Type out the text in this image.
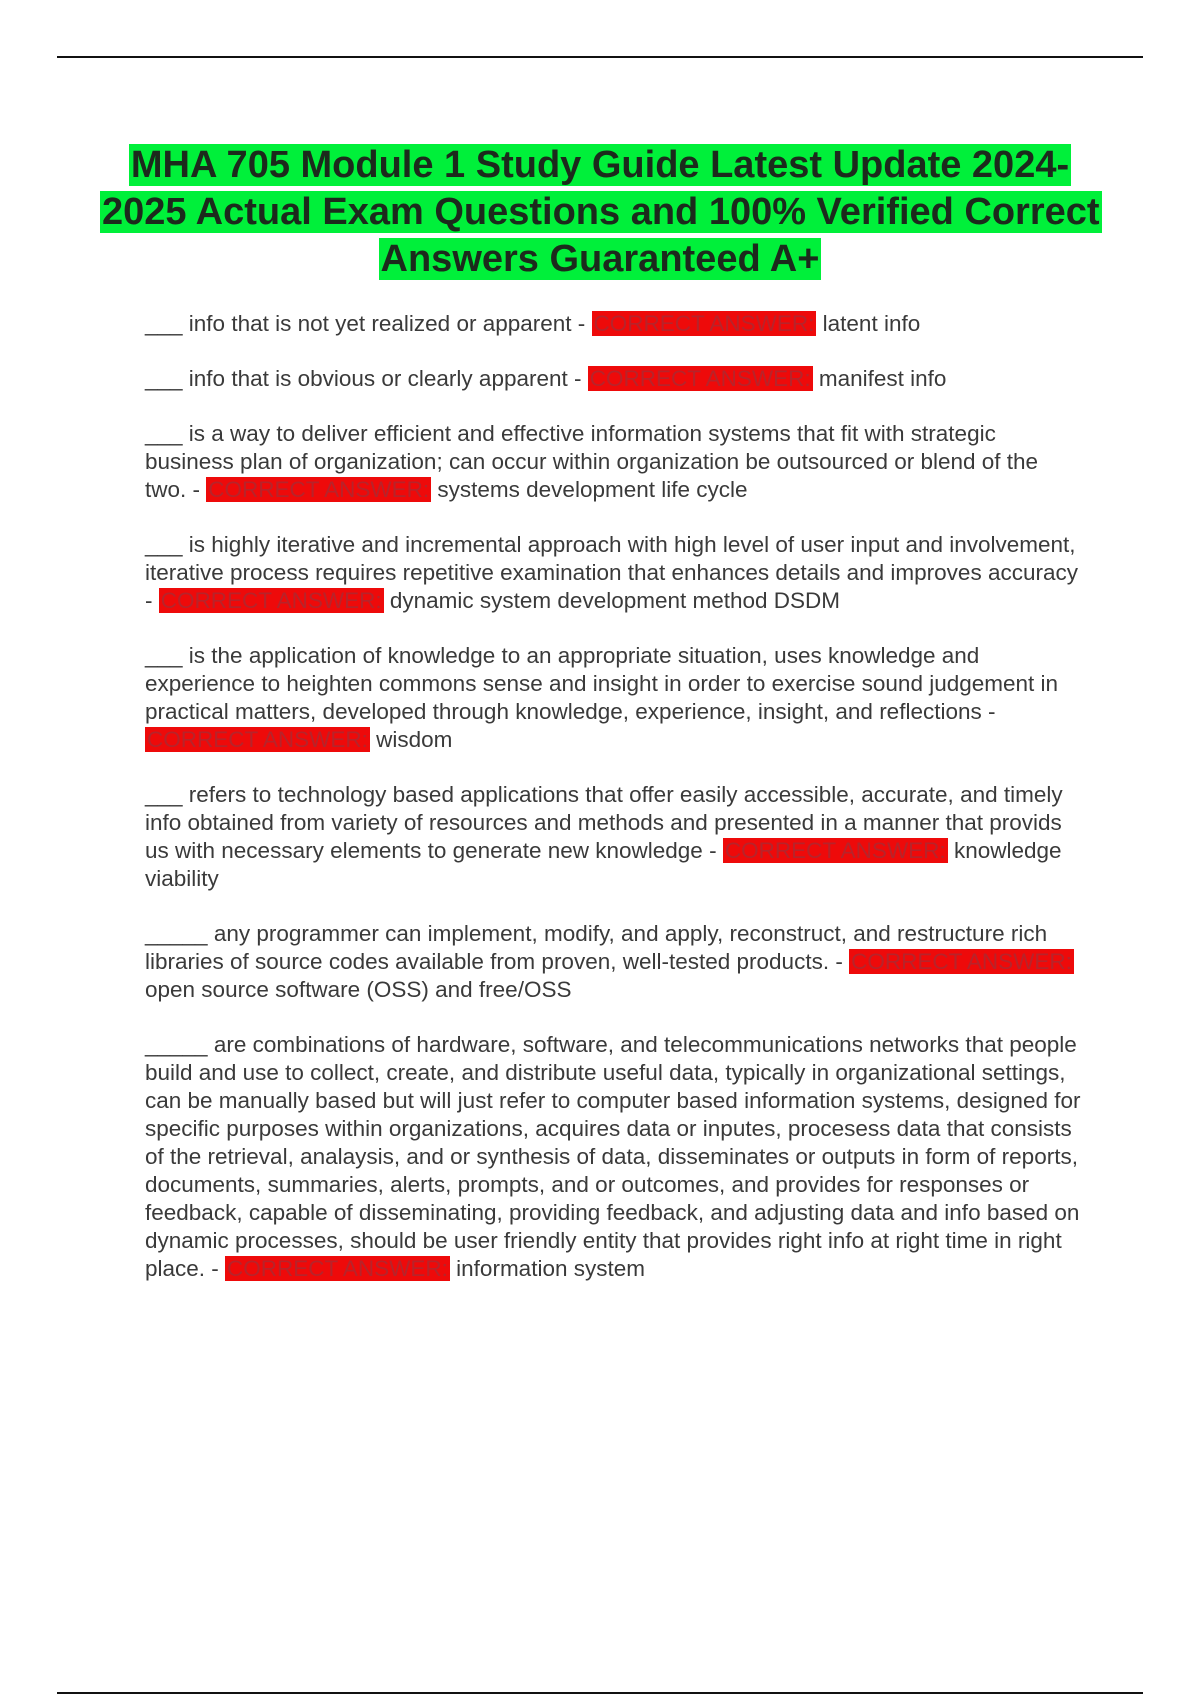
MHA 705 Module 1 Study Guide Latest Update 2024-2025 Actual Exam Questions and 100% Verified Correct Answers Guaranteed A+

___ info that is not yet realized or apparent - CORRECT ANSWER: latent info

___ info that is obvious or clearly apparent - CORRECT ANSWER: manifest info

___ is a way to deliver efficient and effective information systems that fit with strategic business plan of organization; can occur within organization be outsourced or blend of the two. - CORRECT ANSWER: systems development life cycle

___ is highly iterative and incremental approach with high level of user input and involvement, iterative process requires repetitive examination that enhances details and improves accuracy - CORRECT ANSWER: dynamic system development method DSDM

___ is the application of knowledge to an appropriate situation, uses knowledge and experience to heighten commons sense and insight in order to exercise sound judgement in practical matters, developed through knowledge, experience, insight, and reflections - CORRECT ANSWER: wisdom

___ refers to technology based applications that offer easily accessible, accurate, and timely info obtained from variety of resources and methods and presented in a manner that provids us with necessary elements to generate new knowledge - CORRECT ANSWER: knowledge viability

_____ any programmer can implement, modify, and apply, reconstruct, and restructure rich libraries of source codes available from proven, well-tested products. - CORRECT ANSWER: open source software (OSS) and free/OSS

_____ are combinations of hardware, software, and telecommunications networks that people build and use to collect, create, and distribute useful data, typically in organizational settings, can be manually based but will just refer to computer based information systems, designed for specific purposes within organizations, acquires data or inputes, procesess data that consists of the retrieval, analaysis, and or synthesis of data, disseminates or outputs in form of reports, documents, summaries, alerts, prompts, and or outcomes, and provides for responses or feedback, capable of disseminating, providing feedback, and adjusting data and info based on dynamic processes, should be user friendly entity that provides right info at right time in right place. - CORRECT ANSWER: information system
